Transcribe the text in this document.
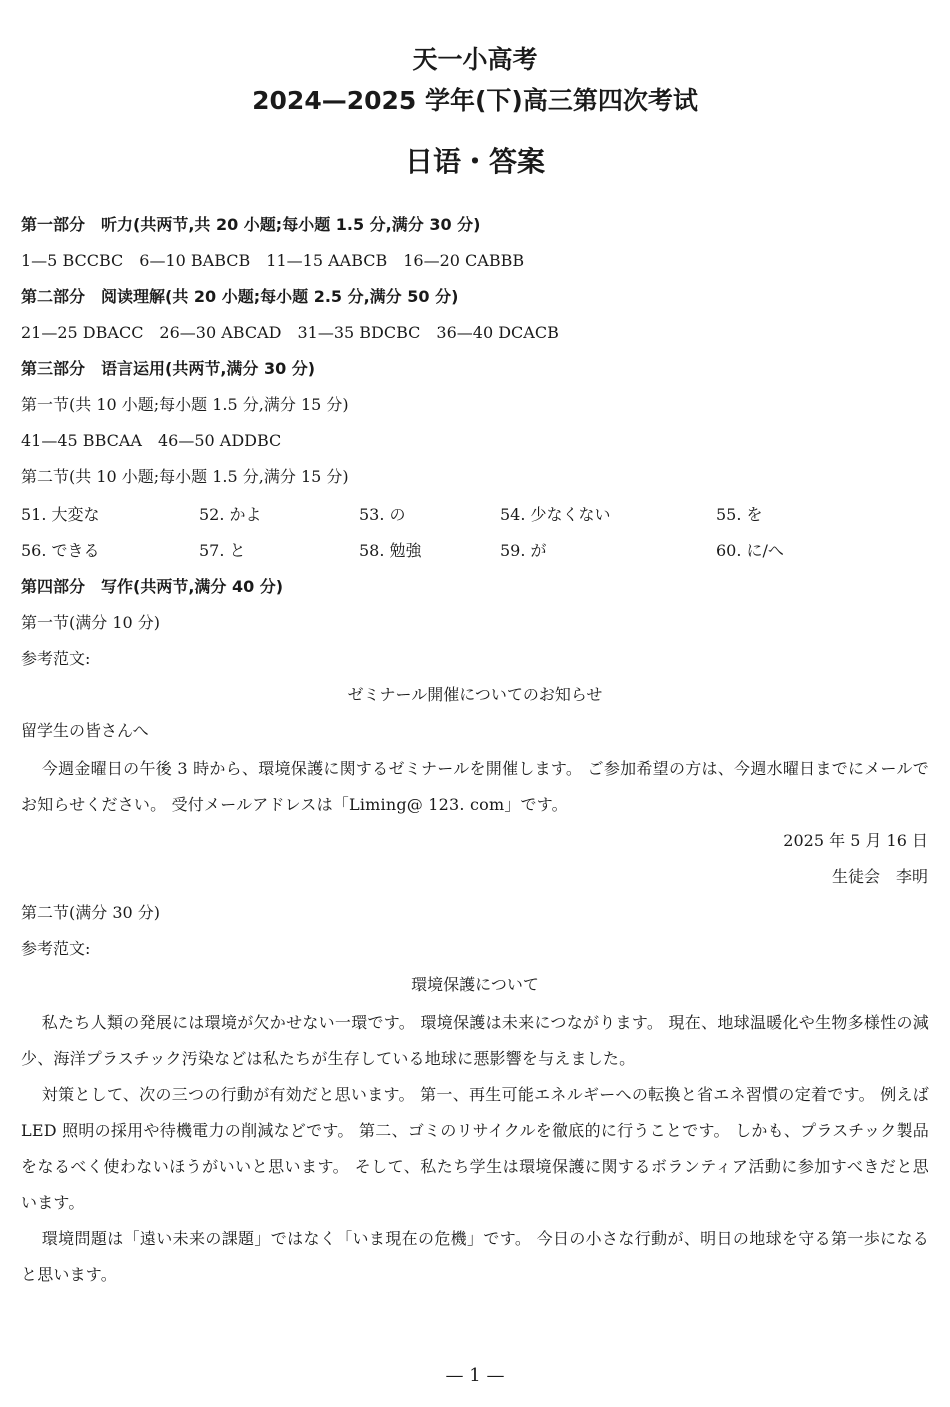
天一小高考
2024—2025 学年(下)高三第四次考试
日语・答案
第一部分　听力(共两节,共 20 小题;每小题 1.5 分,满分 30 分)
1—5 BCCBC　6—10 BABCB　11—15 AABCB　16—20 CABBB
第二部分　阅读理解(共 20 小题;每小题 2.5 分,满分 50 分)
21—25 DBACC　26—30 ABCAD　31—35 BDCBC　36—40 DCACB
第三部分　语言运用(共两节,满分 30 分)
第一节(共 10 小题;每小题 1.5 分,满分 15 分)
41—45 BBCAA　46—50 ADDBC
第二节(共 10 小题;每小题 1.5 分,满分 15 分)
51. 大変な	52. かよ	53. の	54. 少なくない	55. を
56. できる	57. と	58. 勉強	59. が	60. に/へ
第四部分　写作(共两节,满分 40 分)
第一节(满分 10 分)
参考范文:
ゼミナール開催についてのお知らせ
留学生の皆さんへ
今週金曜日の午後 3 時から、環境保護に関するゼミナールを開催します。 ご参加希望の方は、今週水曜日までにメールでお知らせください。 受付メールアドレスは「Liming@ 123. com」です。
2025 年 5 月 16 日
生徒会　李明
第二节(满分 30 分)
参考范文:
環境保護について
私たち人類の発展には環境が欠かせない一環です。 環境保護は未来につながります。 現在、地球温暖化や生物多様性の減少、海洋プラスチック汚染などは私たちが生存している地球に悪影響を与えました。
対策として、次の三つの行動が有効だと思います。 第一、再生可能エネルギーへの転換と省エネ習慣の定着です。 例えば LED 照明の採用や待機電力の削減などです。 第二、ゴミのリサイクルを徹底的に行うことです。 しかも、プラスチック製品をなるべく使わないほうがいいと思います。 そして、私たち学生は環境保護に関するボランティア活動に参加すべきだと思います。
環境問題は「遠い未来の課題」ではなく「いま現在の危機」です。 今日の小さな行動が、明日の地球を守る第一歩になると思います。
— 1 —
